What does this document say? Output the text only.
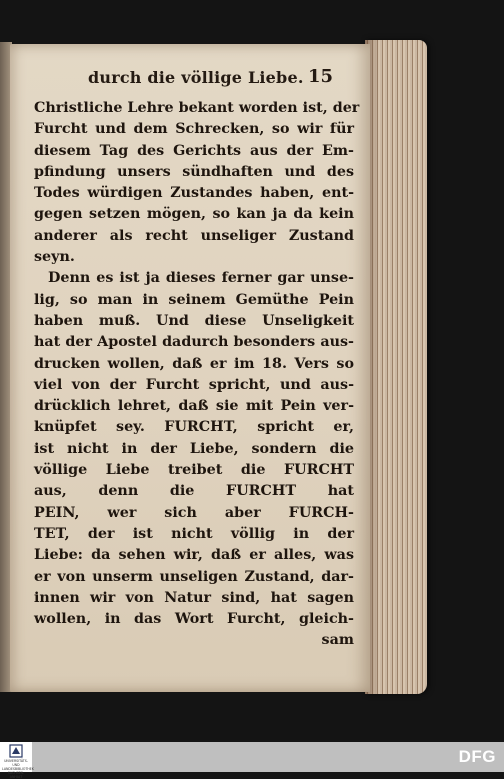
durch die völlige Liebe. 15
Christliche Lehre bekant worden ist, der
Furcht und dem Schrecken, so wir für
diesem Tag des Gerichts aus der Em-
pfindung unsers sündhaften und des
Todes würdigen Zustandes haben, ent-
gegen setzen mögen, so kan ja da kein
anderer als recht unseliger Zustand
seyn.
Denn es ist ja dieses ferner gar unse-
lig, so man in seinem Gemüthe Pein
haben muß. Und diese Unseligkeit
hat der Apostel dadurch besonders aus-
drucken wollen, daß er im 18. Vers so
viel von der Furcht spricht, und aus-
drücklich lehret, daß sie mit Pein ver-
knüpfet sey. FURCHT, spricht er,
ist nicht in der Liebe, sondern die
völlige Liebe treibet die FURCHT
aus, denn die FURCHT hat
PEIN, wer sich aber FURCH-
TET, der ist nicht völlig in der
Liebe: da sehen wir, daß er alles, was
er von unserm unseligen Zustand, dar-
innen wir von Natur sind, hat sagen
wollen, in das Wort Furcht, gleich-
sam
UNIVERSITÄTS- UND LANDESBIBLIOTHEK SACHSEN-ANHALT
DFG
